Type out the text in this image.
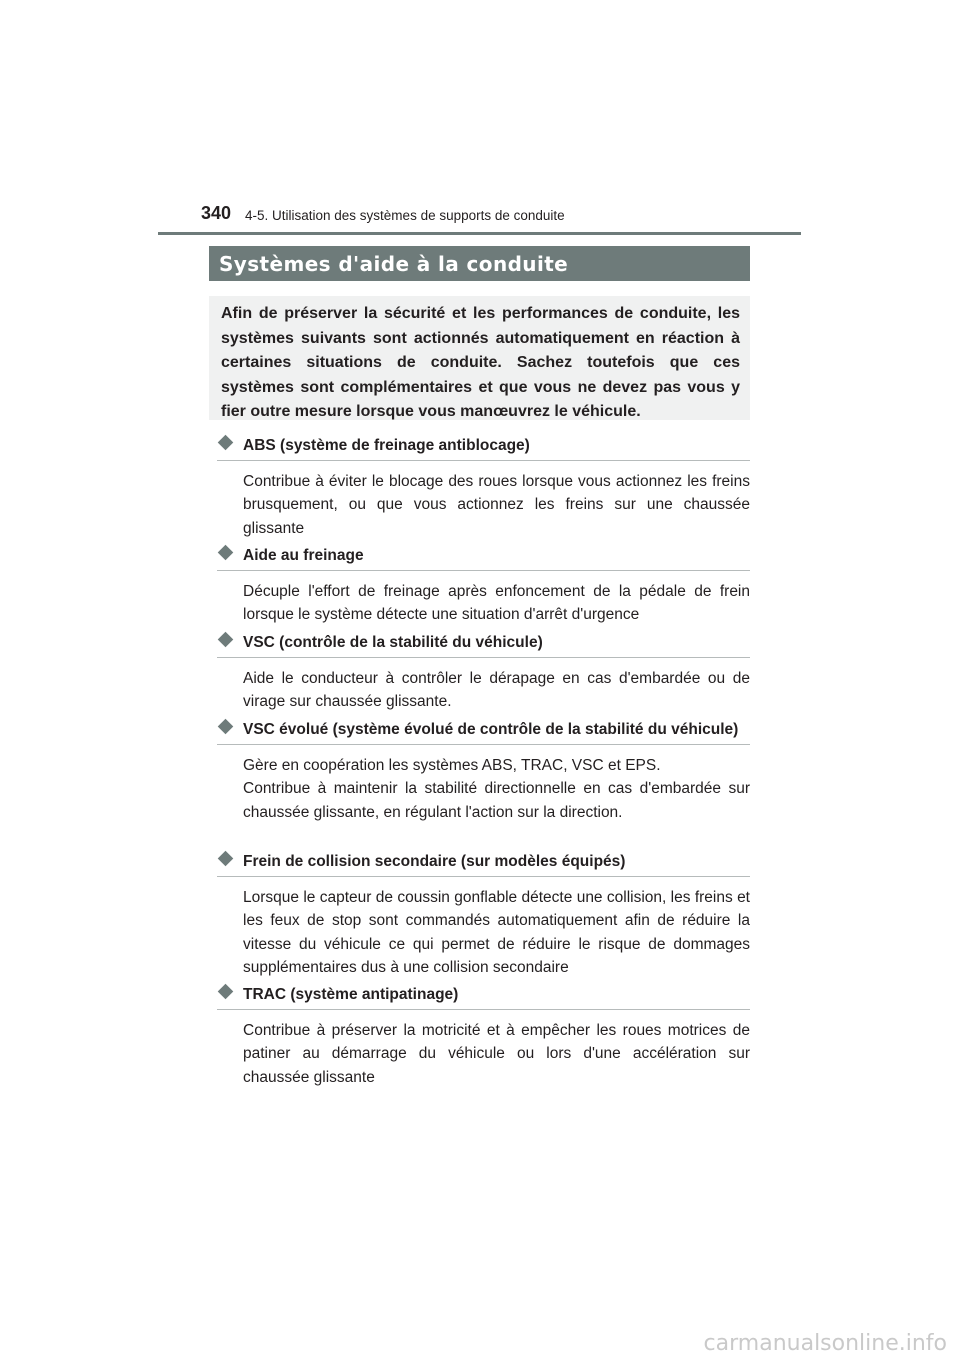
340 4-5. Utilisation des systèmes de supports de conduite
Systèmes d'aide à la conduite

Afin de préserver la sécurité et les performances de conduite, les systèmes suivants sont actionnés automatiquement en réaction à certaines situations de conduite. Sachez toutefois que ces systèmes sont complémentaires et que vous ne devez pas vous y fier outre mesure lorsque vous manœuvrez le véhicule.

ABS (système de freinage antiblocage)

Contribue à éviter le blocage des roues lorsque vous actionnez les freins brusquement, ou que vous actionnez les freins sur une chaussée glissante

Aide au freinage

Décuple l'effort de freinage après enfoncement de la pédale de frein lorsque le système détecte une situation d'arrêt d'urgence

VSC (contrôle de la stabilité du véhicule)

Aide le conducteur à contrôler le dérapage en cas d'embardée ou de virage sur chaussée glissante.

VSC évolué (système évolué de contrôle de la stabilité du véhicule)

Gère en coopération les systèmes ABS, TRAC, VSC et EPS.

Contribue à maintenir la stabilité directionnelle en cas d'embardée sur chaussée glissante, en régulant l'action sur la direction.

Frein de collision secondaire (sur modèles équipés)

Lorsque le capteur de coussin gonflable détecte une collision, les freins et les feux de stop sont commandés automatiquement afin de réduire la vitesse du véhicule ce qui permet de réduire le risque de dommages supplémentaires dus à une collision secondaire

TRAC (système antipatinage)

Contribue à préserver la motricité et à empêcher les roues motrices de patiner au démarrage du véhicule ou lors d'une accélération sur chaussée glissante

carmanualsonline.info
